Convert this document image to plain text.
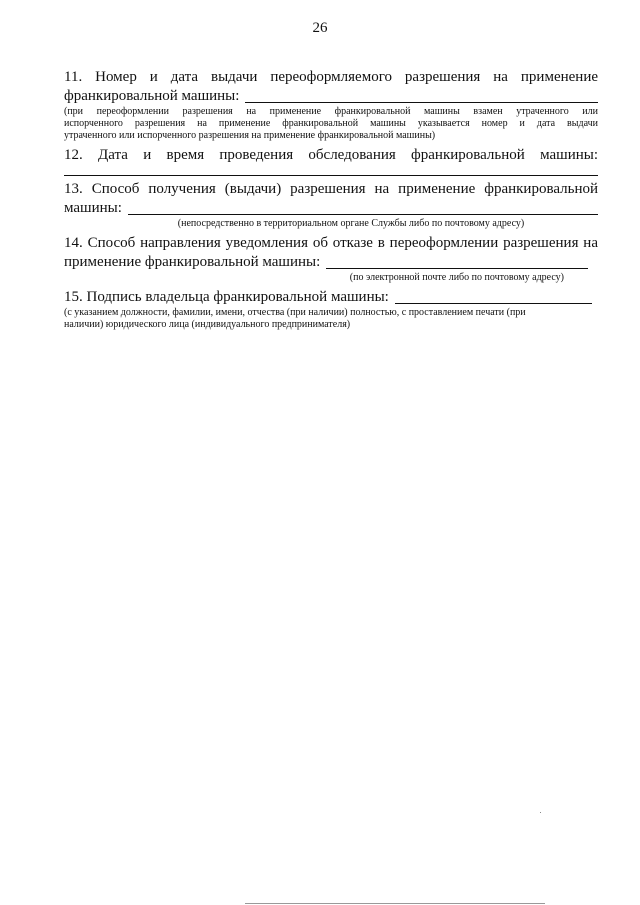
26

11. Номер и дата выдачи переоформляемого разрешения на применение

франкировальной машины:

(при переоформлении разрешения на применение франкировальной машины взамен утраченного или

испорченного разрешения на применение франкировальной машины указывается номер и дата выдачи

утраченного или испорченного разрешения на применение франкировальной машины)

12. Дата и время проведения обследования франкировальной машины:

13. Способ получения (выдачи) разрешения на применение франкировальной

машины:

(непосредственно в территориальном органе Службы либо по почтовому адресу)

14. Способ направления уведомления об отказе в переоформлении разрешения на

применение франкировальной машины:

(по электронной почте либо по почтовому адресу)

15. Подпись владельца франкировальной машины:

(с указанием должности, фамилии, имени, отчества (при наличии) полностью, с проставлением печати (при

наличии) юридического лица (индивидуального предпринимателя)
